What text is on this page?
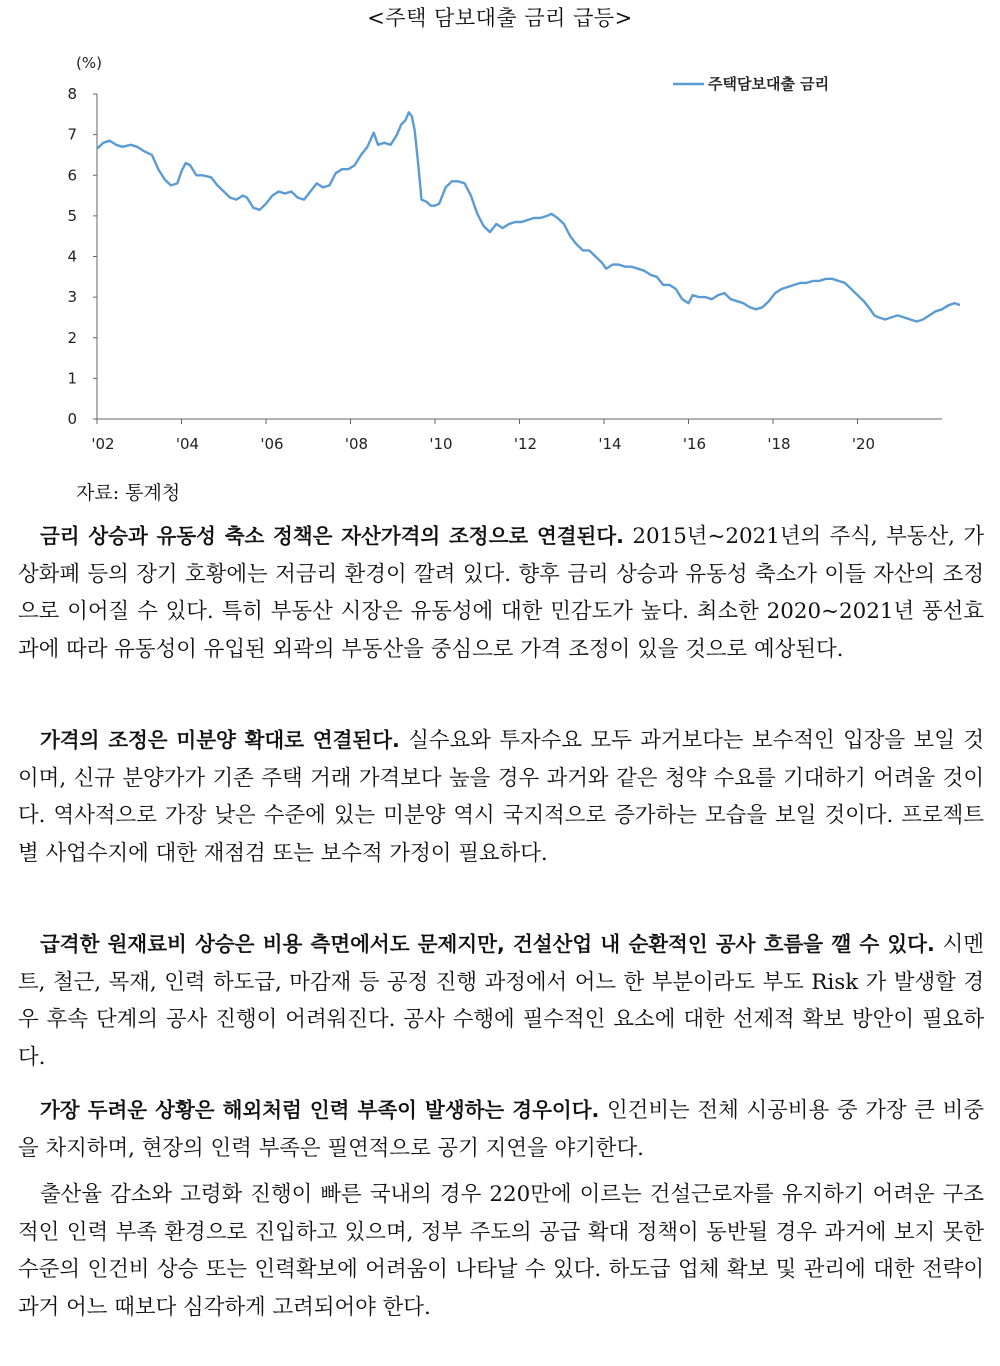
<주택 담보대출 금리 급등>
(%)
0
1
2
3
4
5
6
7
8
'02	'04	'06	'08	'10	'12	'14	'16	'18	'20
주택담보대출 금리
자료: 통계청

금리 상승과 유동성 축소 정책은 자산가격의 조정으로 연결된다. 2015년~2021년의 주식, 부동산, 가상화폐 등의 장기 호황에는 저금리 환경이 깔려 있다. 향후 금리 상승과 유동성 축소가 이들 자산의 조정으로 이어질 수 있다. 특히 부동산 시장은 유동성에 대한 민감도가 높다. 최소한 2020~2021년 풍선효과에 따라 유동성이 유입된 외곽의 부동산을 중심으로 가격 조정이 있을 것으로 예상된다.

가격의 조정은 미분양 확대로 연결된다. 실수요와 투자수요 모두 과거보다는 보수적인 입장을 보일 것이며, 신규 분양가가 기존 주택 거래 가격보다 높을 경우 과거와 같은 청약 수요를 기대하기 어려울 것이다. 역사적으로 가장 낮은 수준에 있는 미분양 역시 국지적으로 증가하는 모습을 보일 것이다. 프로젝트별 사업수지에 대한 재점검 또는 보수적 가정이 필요하다.

급격한 원재료비 상승은 비용 측면에서도 문제지만, 건설산업 내 순환적인 공사 흐름을 깰 수 있다. 시멘트, 철근, 목재, 인력 하도급, 마감재 등 공정 진행 과정에서 어느 한 부분이라도 부도 Risk 가 발생할 경우 후속 단계의 공사 진행이 어려워진다. 공사 수행에 필수적인 요소에 대한 선제적 확보 방안이 필요하다.

가장 두려운 상황은 해외처럼 인력 부족이 발생하는 경우이다. 인건비는 전체 시공비용 중 가장 큰 비중을 차지하며, 현장의 인력 부족은 필연적으로 공기 지연을 야기한다.

출산율 감소와 고령화 진행이 빠른 국내의 경우 220만에 이르는 건설근로자를 유지하기 어려운 구조적인 인력 부족 환경으로 진입하고 있으며, 정부 주도의 공급 확대 정책이 동반될 경우 과거에 보지 못한 수준의 인건비 상승 또는 인력확보에 어려움이 나타날 수 있다. 하도급 업체 확보 및 관리에 대한 전략이 과거 어느 때보다 심각하게 고려되어야 한다.
